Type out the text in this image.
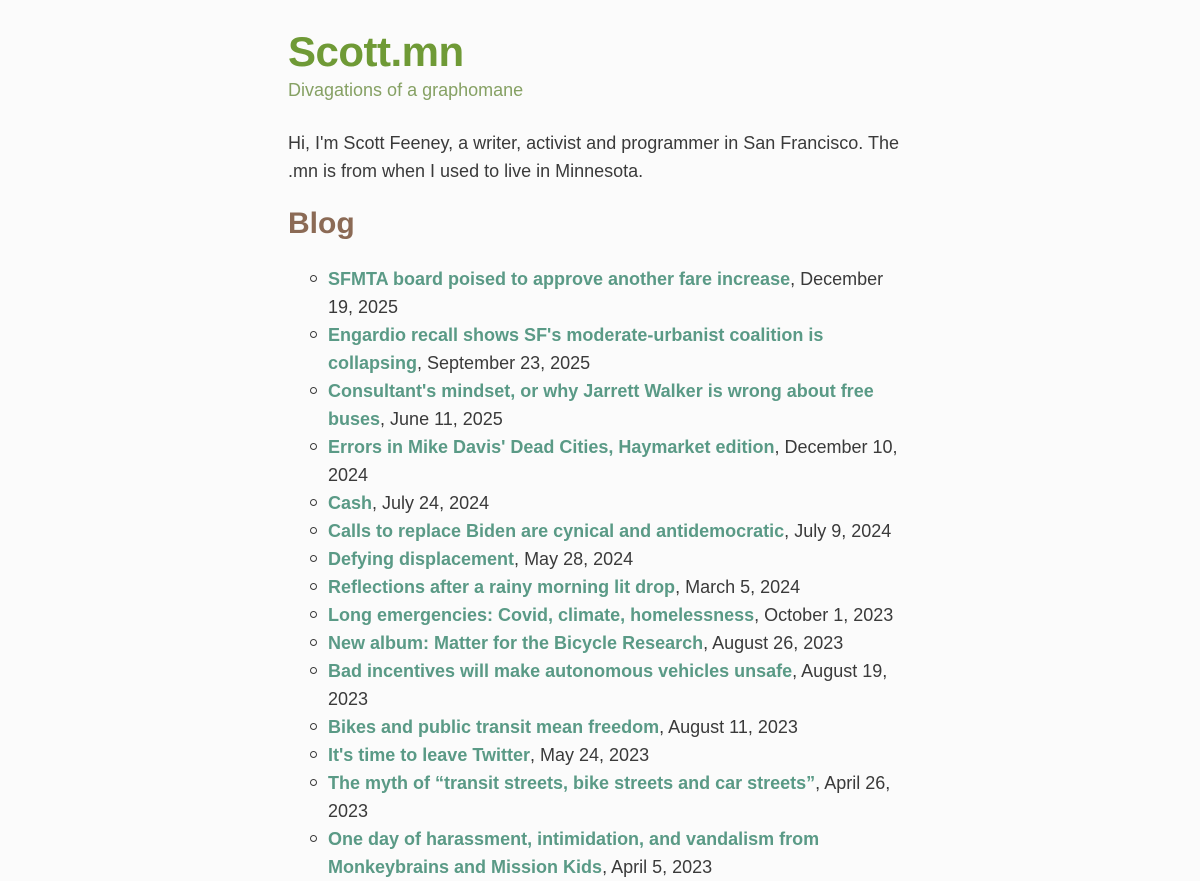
Scott.mn

Divagations of a graphomane

Hi, I'm Scott Feeney, a writer, activist and programmer in San Francisco. The .mn is from when I used to live in Minnesota.

Blog
SFMTA board poised to approve another fare increase, December 19, 2025
Engardio recall shows SF's moderate-urbanist coalition is collapsing, September 23, 2025
Consultant's mindset, or why Jarrett Walker is wrong about free buses, June 11, 2025
Errors in Mike Davis' Dead Cities, Haymarket edition, December 10, 2024
Cash, July 24, 2024
Calls to replace Biden are cynical and antidemocratic, July 9, 2024
Defying displacement, May 28, 2024
Reflections after a rainy morning lit drop, March 5, 2024
Long emergencies: Covid, climate, homelessness, October 1, 2023
New album: Matter for the Bicycle Research, August 26, 2023
Bad incentives will make autonomous vehicles unsafe, August 19, 2023
Bikes and public transit mean freedom, August 11, 2023
It's time to leave Twitter, May 24, 2023
The myth of “transit streets, bike streets and car streets”, April 26, 2023
One day of harassment, intimidation, and vandalism from Monkeybrains and Mission Kids, April 5, 2023
